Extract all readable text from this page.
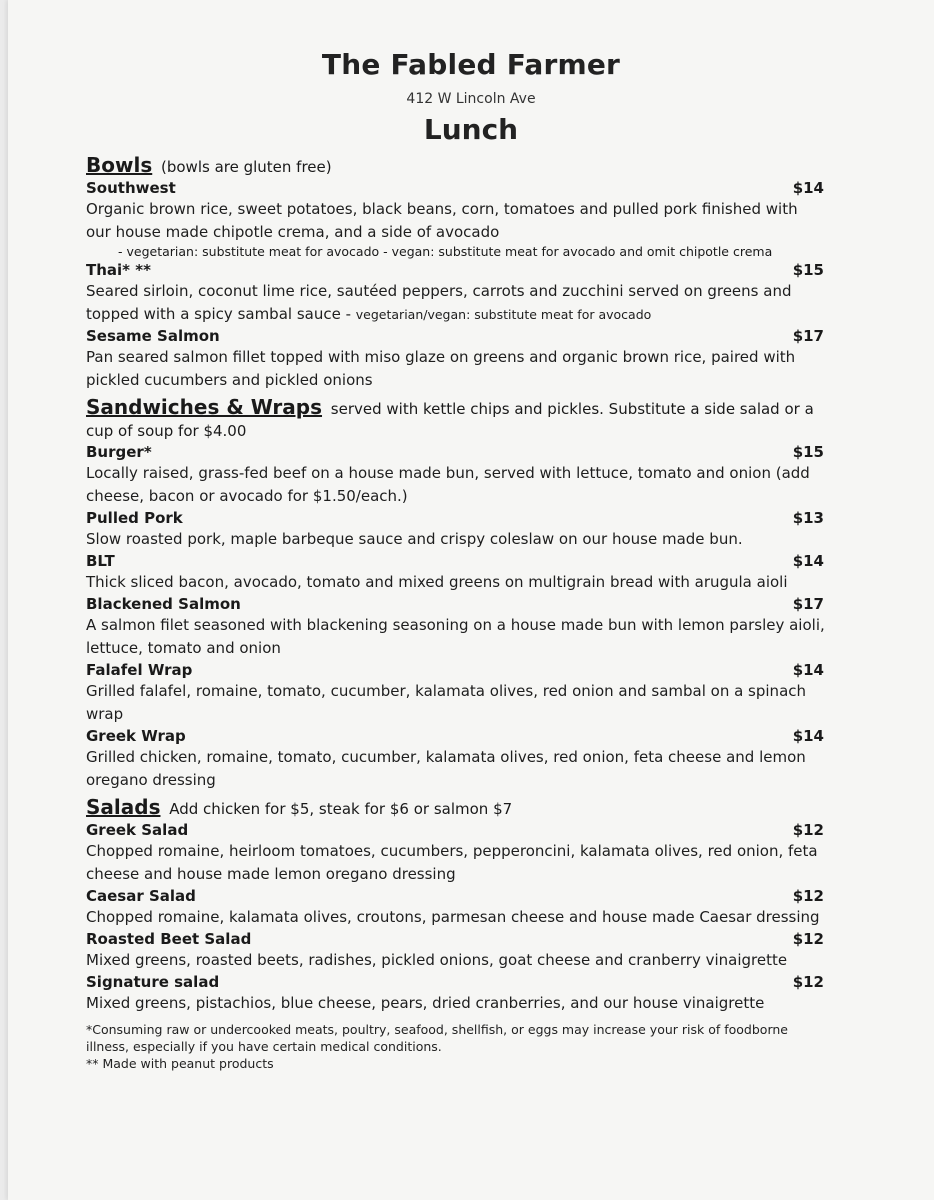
The Fabled Farmer
412 W Lincoln Ave
Lunch
Bowls (bowls are gluten free)
Southwest	$14
Organic brown rice, sweet potatoes, black beans, corn, tomatoes and pulled pork finished with our house made chipotle crema, and a side of avocado
- vegetarian: substitute meat for avocado - vegan: substitute meat for avocado and omit chipotle crema
Thai* **	$15
Seared sirloin, coconut lime rice, sautéed peppers, carrots and zucchini served on greens and topped with a spicy sambal sauce - vegetarian/vegan: substitute meat for avocado
Sesame Salmon	$17
Pan seared salmon fillet topped with miso glaze on greens and organic brown rice, paired with pickled cucumbers and pickled onions
Sandwiches & Wraps served with kettle chips and pickles. Substitute a side salad or a cup of soup for $4.00
Burger*	$15
Locally raised, grass-fed beef on a house made bun, served with lettuce, tomato and onion (add cheese, bacon or avocado for $1.50/each.)
Pulled Pork	$13
Slow roasted pork, maple barbeque sauce and crispy coleslaw on our house made bun.
BLT	$14
Thick sliced bacon, avocado, tomato and mixed greens on multigrain bread with arugula aioli
Blackened Salmon	$17
A salmon filet seasoned with blackening seasoning on a house made bun with lemon parsley aioli, lettuce, tomato and onion
Falafel Wrap	$14
Grilled falafel, romaine, tomato, cucumber, kalamata olives, red onion and sambal on a spinach wrap
Greek Wrap	$14
Grilled chicken, romaine, tomato, cucumber, kalamata olives, red onion, feta cheese and lemon oregano dressing
Salads Add chicken for $5, steak for $6 or salmon $7
Greek Salad	$12
Chopped romaine, heirloom tomatoes, cucumbers, pepperoncini, kalamata olives, red onion, feta cheese and house made lemon oregano dressing
Caesar Salad	$12
Chopped romaine, kalamata olives, croutons, parmesan cheese and house made Caesar dressing
Roasted Beet Salad	$12
Mixed greens, roasted beets, radishes, pickled onions, goat cheese and cranberry vinaigrette
Signature salad	$12
Mixed greens, pistachios, blue cheese, pears, dried cranberries, and our house vinaigrette
*Consuming raw or undercooked meats, poultry, seafood, shellfish, or eggs may increase your risk of foodborne illness, especially if you have certain medical conditions.
** Made with peanut products
